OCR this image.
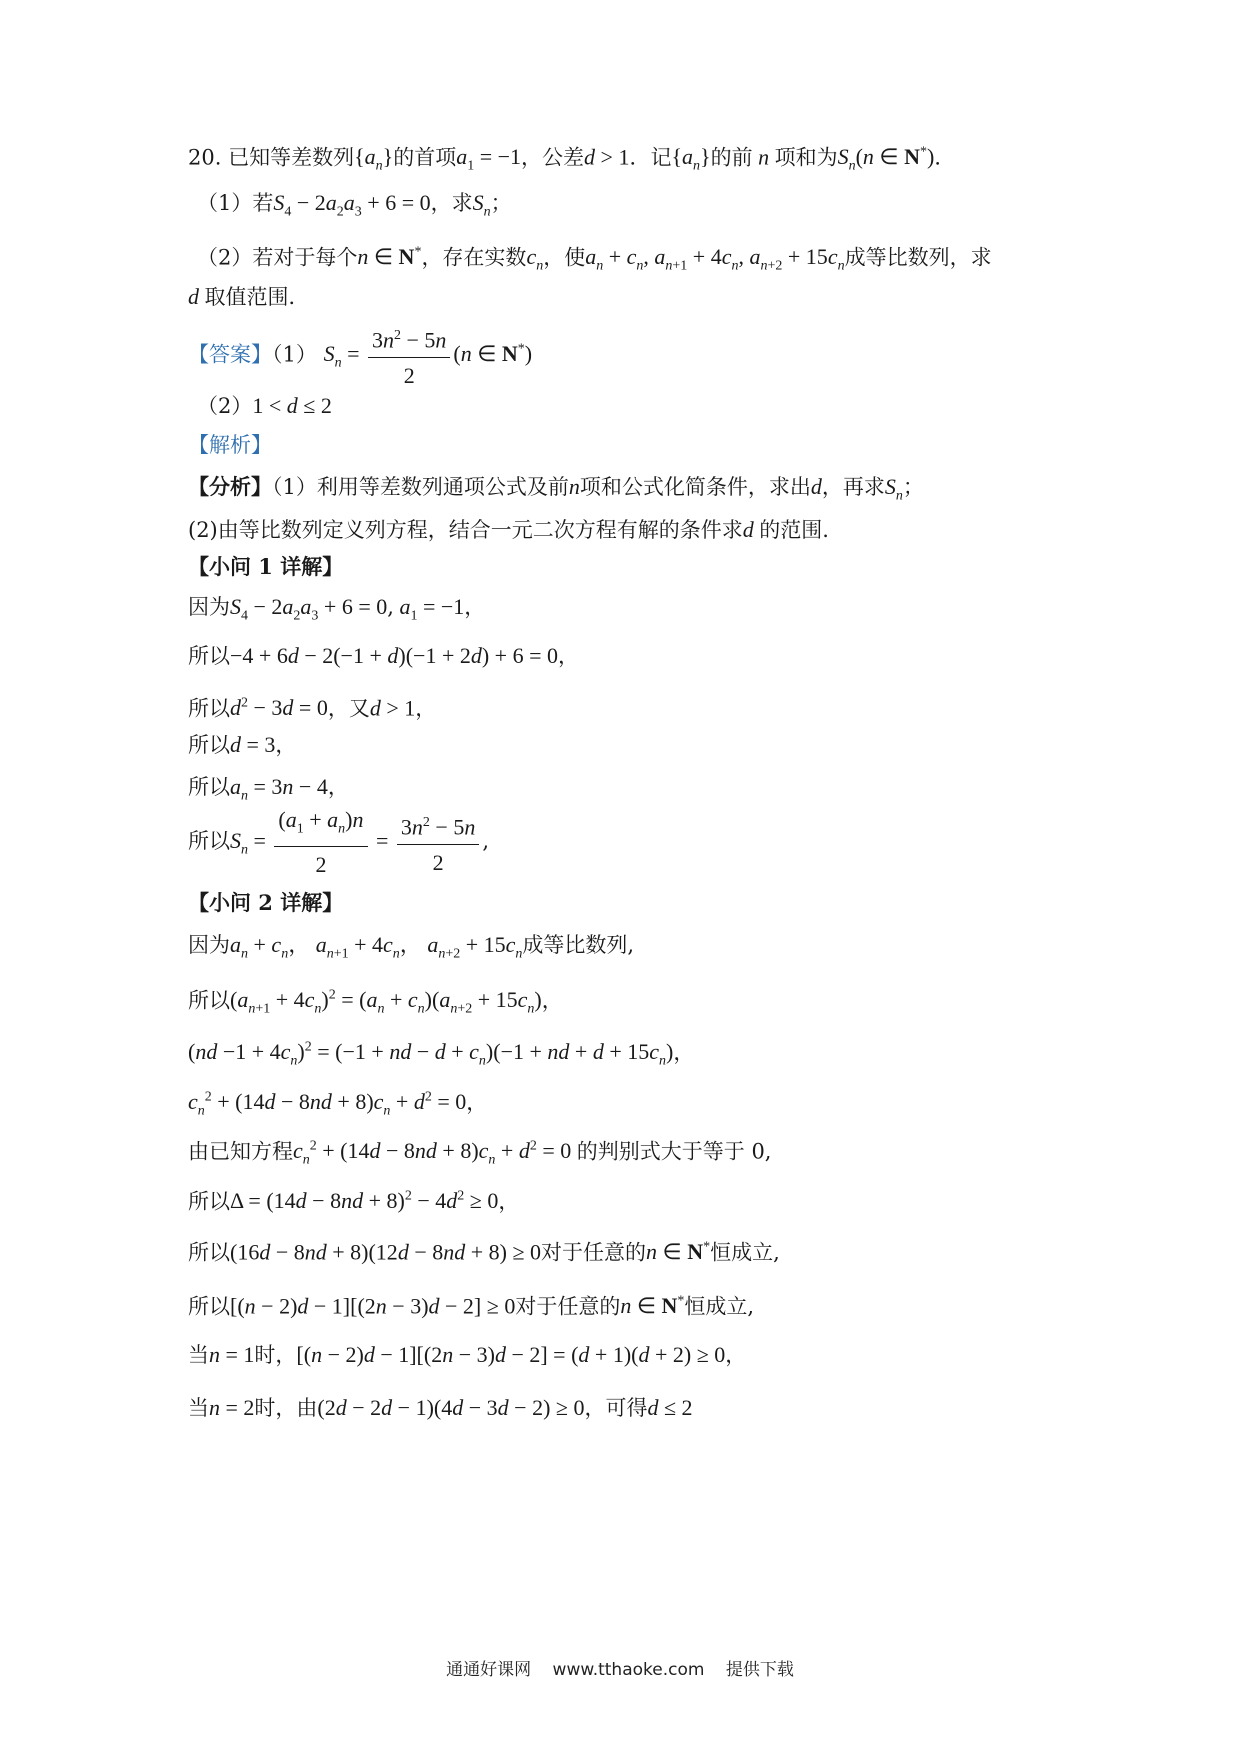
20. 已知等差数列$\{a_n\}$的首项$a_1 = -1$，公差d > 1．记$\{a_n\}$的前 n 项和为$S_n(n$ ∈ N*)．
（1）若$S_4 - 2a_2a_3 + 6 = 0$，求$S_n$；
（2）若对于每个n ∈ N*，存在实数$c_n$，使$a_n + c_n$, $a_{n+1} + 4c_n$, $a_{n+2} + 15c_n$成等比数列，求
d 取值范围．
【答案】（1） $S_n = \frac{3n^2 - 5n}{2} (n$ ∈ N*)
（2）1 < d ≤ 2
【解析】
【分析】（1）利用等差数列通项公式及前n项和公式化简条件，求出d，再求$S_n$；
(2)由等比数列定义列方程，结合一元二次方程有解的条件求d 的范围.
【小问 1 详解】
因为$S_4 - 2a_2a_3 + 6 = 0$, $a_1 = -1$，
所以−4 + 6d − 2(−1 + d)(−1 + 2d) + 6 = 0，
所以$d^2 - 3d = 0$，又d > 1，
所以d = 3，
所以$a_n = 3n - 4$，
所以$S_n = \frac{(a_1 + a_n)n}{2} = \frac{3n^2 - 5n}{2}$ ,
【小问 2 详解】
因为$a_n + c_n$， $a_{n+1} + 4c_n$， $a_{n+2} + 15c_n$成等比数列,
所以$(a_{n+1} + 4c_n)^2 = (a_n + c_n)(a_{n+2} + 15c_n)$，
$(nd -1 + 4c_n)^2 = (-1$ + nd − $d + c_n)(-1$ + nd + $d + 15c_n$)，
$c_n^2 + (14d - 8nd + 8)c_n + d^2 = 0$，
由已知方程$c_n^2 + (14d - 8nd + 8)c_n + d^2 = 0$ 的判别式大于等于 0,
所以$\Delta = (14d - 8nd + 8)^2 - 4d^2 \ge 0$，
所以(16d − 8nd + 8)(12d − 8nd + 8) ≥ 0对于任意的n ∈ N*恒成立,
所以[(n − 2)d − 1][(2n − 3)d − 2] ≥ 0对于任意的n ∈ N*恒成立,
当n = 1时，[(n − 2)d − 1][(2n − 3)d − 2] = (d + 1)(d + 2) ≥ 0，
当n = 2时，由(2d − 2d − 1)(4d − 3d − 2) ≥ 0，可得d ≤ 2
通通好课网 www.tthaoke.com 提供下载
